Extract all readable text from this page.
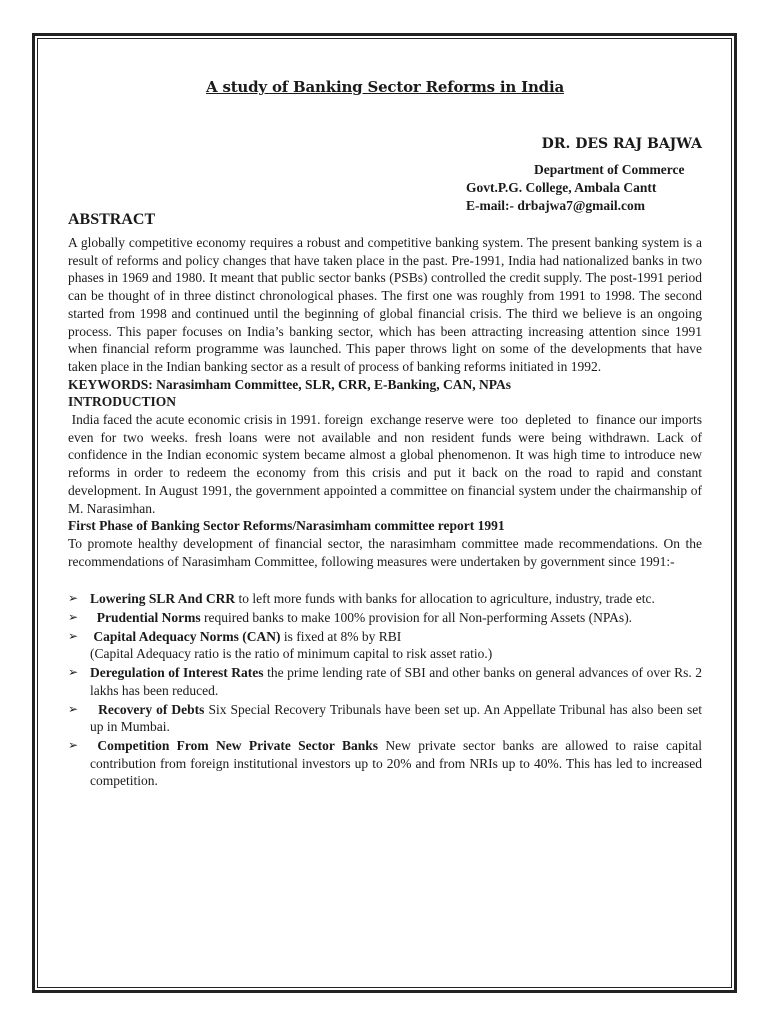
A study of Banking Sector Reforms in India
DR. DES RAJ BAJWA
Department of Commerce
Govt.P.G. College, Ambala Cantt
E-mail:- drbajwa7@gmail.com
ABSTRACT

A globally competitive economy requires a robust and competitive banking system. The present banking system is a result of reforms and policy changes that have taken place in the past. Pre-1991, India had nationalized banks in two phases in 1969 and 1980. It meant that public sector banks (PSBs) controlled the credit supply. The post-1991 period can be thought of in three distinct chronological phases. The first one was roughly from 1991 to 1998. The second started from 1998 and continued until the beginning of global financial crisis. The third we believe is an ongoing process. This paper focuses on India’s banking sector, which has been attracting increasing attention since 1991 when financial reform programme was launched. This paper throws light on some of the developments that have taken place in the Indian banking sector as a result of process of banking reforms initiated in 1992.

KEYWORDS: Narasimham Committee, SLR, CRR, E-Banking, CAN, NPAs

INTRODUCTION

India faced the acute economic crisis in 1991. foreign  exchange reserve were  too  depleted  to  finance our imports even for two weeks. fresh loans were not available and non resident funds were being withdrawn. Lack of confidence in the Indian economic system became almost a global phenomenon. It was high time to introduce new reforms in order to redeem the economy from this crisis and put it back on the road to rapid and constant development. In August 1991, the government appointed a committee on financial system under the chairmanship of M. Narasimhan.

First Phase of Banking Sector Reforms/Narasimham committee report 1991

To promote healthy development of financial sector, the narasimham committee made recommendations. On the recommendations of Narasimham Committee, following measures were undertaken by government since 1991:-

➢ Lowering SLR And CRR to left more funds with banks for allocation to agriculture, industry, trade etc.
➢ Prudential Norms required banks to make 100% provision for all Non-performing Assets (NPAs).
➢ Capital Adequacy Norms (CAN) is fixed at 8% by RBI
(Capital Adequacy ratio is the ratio of minimum capital to risk asset ratio.)
➢ Deregulation of Interest Rates the prime lending rate of SBI and other banks on general advances of over Rs. 2 lakhs has been reduced.
➢ Recovery of Debts Six Special Recovery Tribunals have been set up. An Appellate Tribunal has also been set up in Mumbai.
➢ Competition From New Private Sector Banks New private sector banks are allowed to raise capital contribution from foreign institutional investors up to 20% and from NRIs up to 40%. This has led to increased competition.
